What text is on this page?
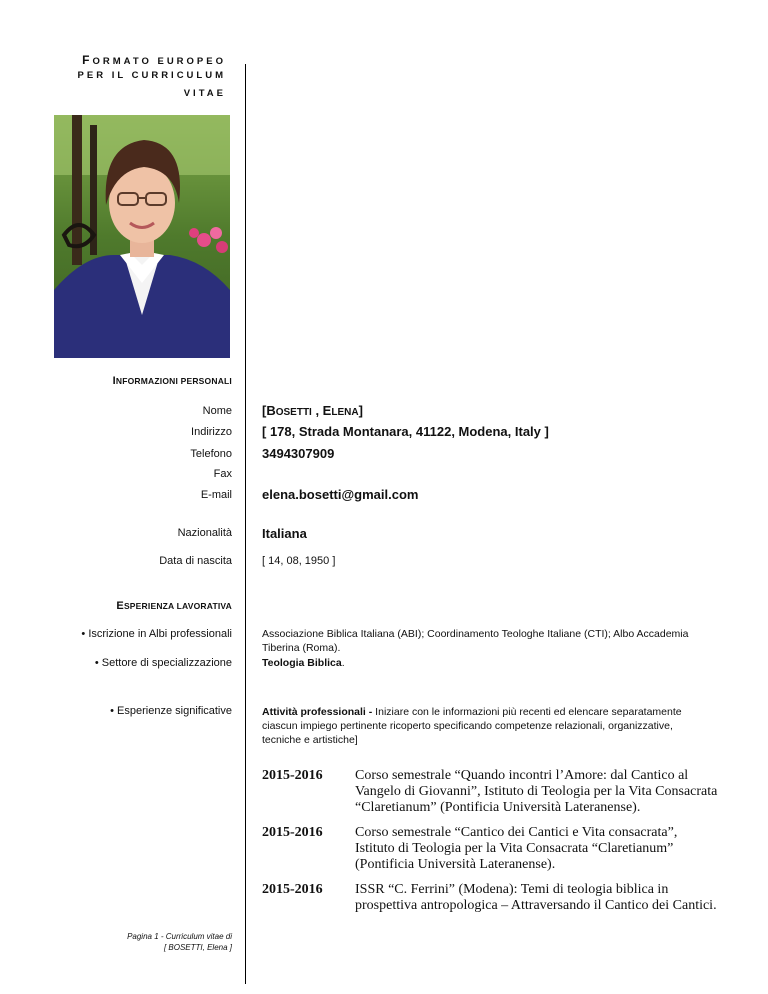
FORMATO EUROPEO
PER IL CURRICULUM
VITAE
INFORMAZIONI PERSONALI
Nome [BOSETTI , ELENA]
Indirizzo [ 178, Strada Montanara, 41122, Modena, Italy ]
Telefono 3494307909
Fax
E-mail elena.bosetti@gmail.com
Nazionalità Italiana
Data di nascita	[ 14, 08, 1950 ]
ESPERIENZA LAVORATIVA
• Iscrizione in Albi professionali	Associazione Biblica Italiana (ABI); Coordinamento Teologhe Italiane (CTI); Albo Accademia Tiberina (Roma).
• Settore di specializzazione	Teologia Biblica.
• Esperienze significative	Attività professionali - Iniziare con le informazioni più recenti ed elencare separatamente ciascun impiego pertinente ricoperto specificando competenze relazionali, organizzative, tecniche e artistiche]
2015-2016 Corso semestrale “Quando incontri l’Amore: dal Cantico al Vangelo di Giovanni”, Istituto di Teologia per la Vita Consacrata “Claretianum” (Pontificia Università Lateranense).
2015-2016 Corso semestrale “Cantico dei Cantici e Vita consacrata”, Istituto di Teologia per la Vita Consacrata “Claretianum” (Pontificia Università Lateranense).
2015-2016 ISSR “C. Ferrini” (Modena): Temi di teologia biblica in prospettiva antropologica – Attraversando il Cantico dei Cantici.
Pagina 1 - Curriculum vitae di
[ BOSETTI, Elena ]
